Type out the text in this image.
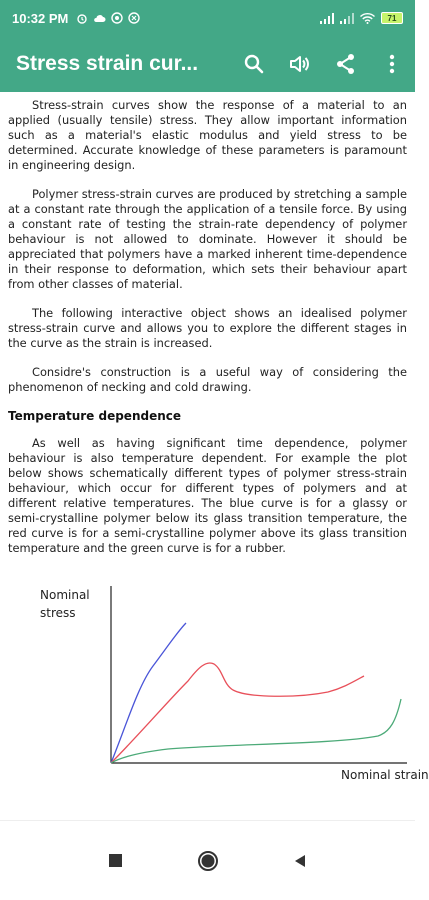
10:32 PM	71
Stress strain cur...

Stress-strain curves show the response of a material to an applied (usually tensile) stress. They allow important information such as a material's elastic modulus and yield stress to be determined. Accurate knowledge of these parameters is paramount in engineering design.

Polymer stress-strain curves are produced by stretching a sample at a constant rate through the application of a tensile force. By using a constant rate of testing the strain-rate dependency of polymer behaviour is not allowed to dominate. However it should be appreciated that polymers have a marked inherent time-dependence in their response to deformation, which sets their behaviour apart from other classes of material.

The following interactive object shows an idealised polymer stress-strain curve and allows you to explore the different stages in the curve as the strain is increased.

Considre's construction is a useful way of considering the phenomenon of necking and cold drawing.

Temperature dependence

As well as having significant time dependence, polymer behaviour is also temperature dependent. For example the plot below shows schematically different types of polymer stress-strain behaviour, which occur for different types of polymers and at different relative temperatures. The blue curve is for a glassy or semi-crystalline polymer below its glass transition temperature, the red curve is for a semi-crystalline polymer above its glass transition temperature and the green curve is for a rubber.

Nominal
stress
Nominal strain
